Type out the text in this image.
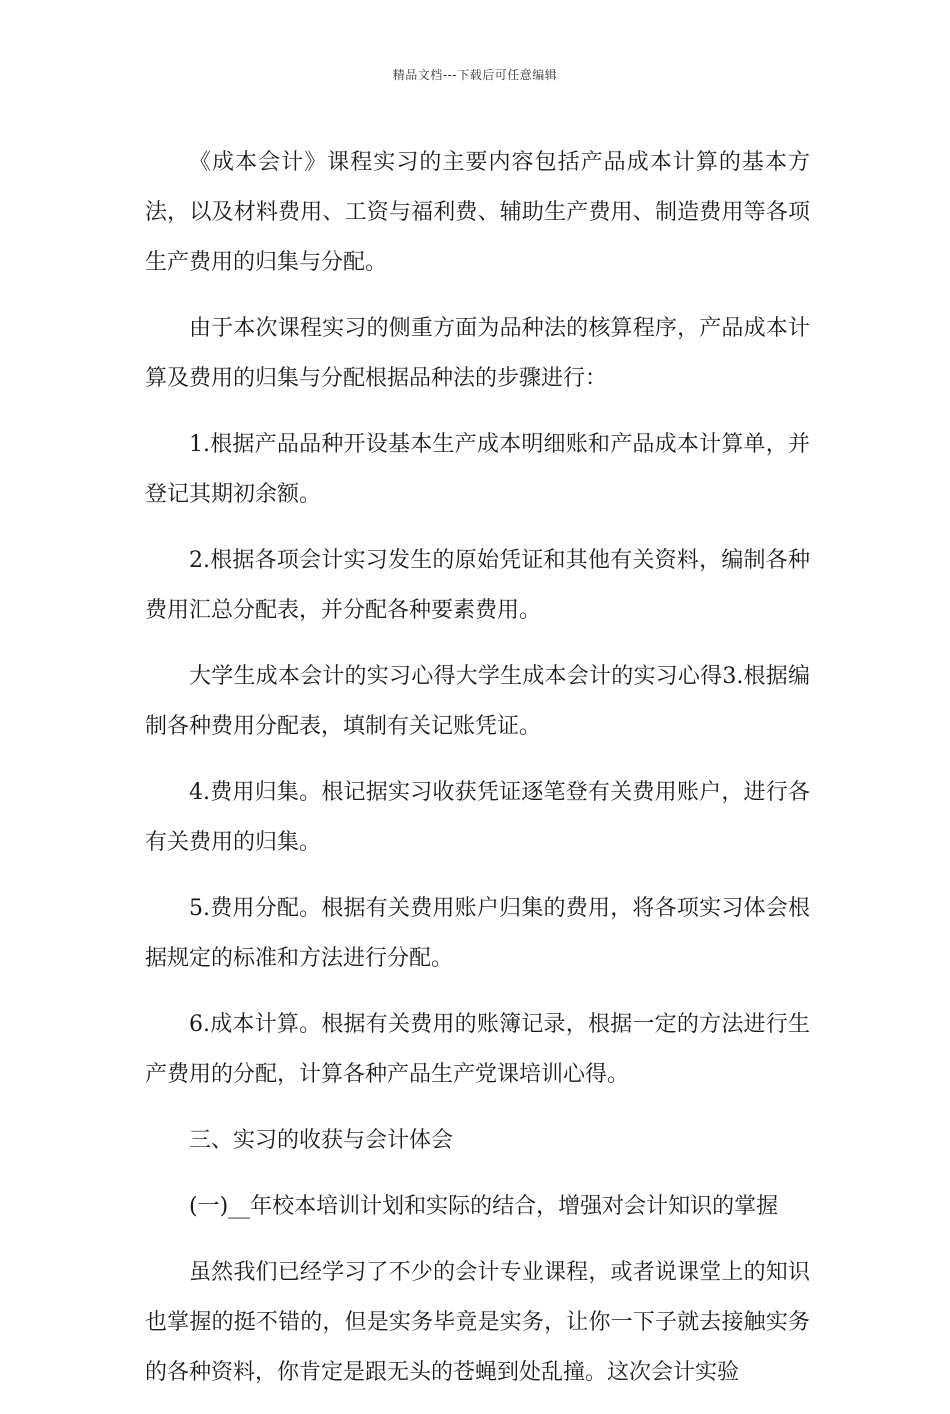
精品文档---下载后可任意编辑

《成本会计》课程实习的主要内容包括产品成本计算的基本方法，以及材料费用、工资与福利费、辅助生产费用、制造费用等各项生产费用的归集与分配。

由于本次课程实习的侧重方面为品种法的核算程序，产品成本计算及费用的归集与分配根据品种法的步骤进行：

1.根据产品品种开设基本生产成本明细账和产品成本计算单，并登记其期初余额。

2.根据各项会计实习发生的原始凭证和其他有关资料，编制各种费用汇总分配表，并分配各种要素费用。

大学生成本会计的实习心得大学生成本会计的实习心得3.根据编制各种费用分配表，填制有关记账凭证。

4.费用归集。根记据实习收获凭证逐笔登有关费用账户，进行各有关费用的归集。

5.费用分配。根据有关费用账户归集的费用，将各项实习体会根据规定的标准和方法进行分配。

6.成本计算。根据有关费用的账簿记录，根据一定的方法进行生产费用的分配，计算各种产品生产党课培训心得。

三、实习的收获与会计体会

(一)__年校本培训计划和实际的结合，增强对会计知识的掌握

虽然我们已经学习了不少的会计专业课程，或者说课堂上的知识也掌握的挺不错的，但是实务毕竟是实务，让你一下子就去接触实务的各种资料，你肯定是跟无头的苍蝇到处乱撞。这次会计实验
